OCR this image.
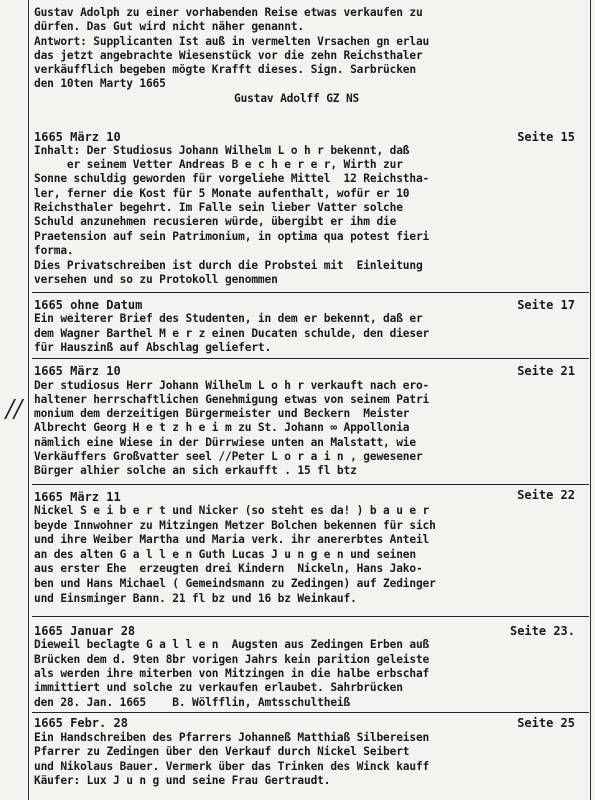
//
Gustav Adolph zu einer vorhabenden Reise etwas verkaufen zu
dürfen. Das Gut wird nicht näher genannt.
Antwort: Supplicanten Ist auß in vermelten Vrsachen gn erlau
das jetzt angebrachte Wiesenstück vor die zehn Reichsthaler
verkäufflich begeben mögte Krafft dieses. Sign. Sarbrücken
den 10ten Marty 1665
Gustav Adolff GZ NS
1665 März 10	Seite 15
Inhalt: Der Studiosus Johann Wilhelm L o h r bekennt, daß
er seinem Vetter Andreas B e c h e r e r, Wirth zur
Sonne schuldig geworden für vorgeliehe Mittel  12 Reichstha-
ler, ferner die Kost für 5 Monate aufenthalt, wofür er 10
Reichsthaler begehrt. Im Falle sein lieber Vatter solche
Schuld anzunehmen recusieren würde, übergibt er ihm die
Praetension auf sein Patrimonium, in optima qua potest fieri
forma.
Dies Privatschreiben ist durch die Probstei mit  Einleitung
versehen und so zu Protokoll genommen
1665 ohne Datum	Seite 17
Ein weiterer Brief des Studenten, in dem er bekennt, daß er
dem Wagner Barthel M e r z einen Ducaten schulde, den dieser
für Hauszinß auf Abschlag geliefert.
1665 März 10	Seite 21
Der studiosus Herr Johann Wilhelm L o h r verkauft nach ero-
haltener herrschaftlichen Genehmigung etwas von seinem Patri
monium dem derzeitigen Bürgermeister und Beckern  Meister
Albrecht Georg H e t z h e i m zu St. Johann ∞ Appollonia
nämlich eine Wiese in der Dürrwiese unten an Malstatt, wie
Verkäuffers Großvatter seel //Peter L o r a i n , gewesener
Bürger alhier solche an sich erkaufft . 15 fl btz
1665 März 11	Seite 22
Nickel S e i b e r t und Nicker (so steht es da! ) b a u e r
beyde Innwohner zu Mitzingen Metzer Bolchen bekennen für sich
und ihre Weiber Martha und Maria verk. ihr anererbtes Anteil
an des alten G a l l e n Guth Lucas J u n g e n und seinen
aus erster Ehe  erzeugten drei Kindern  Nickeln, Hans Jako-
ben und Hans Michael ( Gemeindsmann zu Zedingen) auf Zedinger
und Einsminger Bann. 21 fl bz und 16 bz Weinkauf.
1665 Januar 28	Seite 23.
Dieweil beclagte G a l l e n  Augsten aus Zedingen Erben auß
Brücken dem d. 9ten 8br vorigen Jahrs kein parition geleiste
als werden ihre miterben von Mitzingen in die halbe erbschaf
immittiert und solche zu verkaufen erlaubet. Sahrbrücken
den 28. Jan. 1665    B. Wölfflin, Amtsschultheiß
1665 Febr. 28	Seite 25
Ein Handschreiben des Pfarrers Johanneß Matthiaß Silbereisen
Pfarrer zu Zedingen über den Verkauf durch Nickel Seibert
und Nikolaus Bauer. Vermerk über das Trinken des Winck kauff
Käufer: Lux J u n g und seine Frau Gertraudt.
